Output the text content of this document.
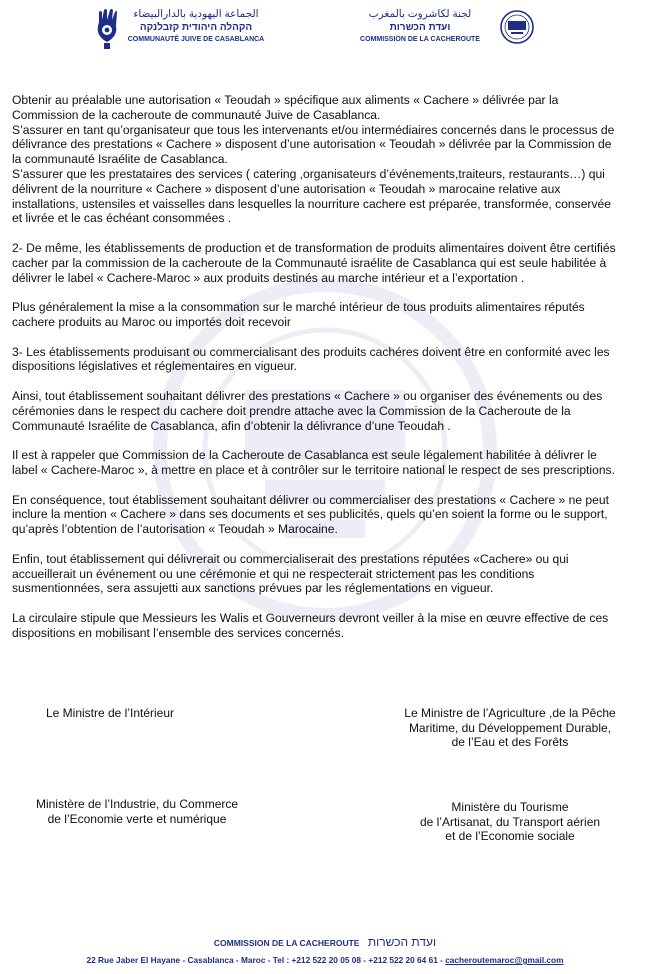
الجماعة اليهودية بالدارالبيضاء
הקהלה היהודית קזבלנקה
COMMUNAUTÉ JUIVE DE CASABLANCA
لجنة لكاشروت بالمغرب
ועדת הכשרות
COMMISSION DE LA CACHEROUTE

Obtenir au préalable une autorisation « Teoudah » spécifique aux aliments « Cachere » délivrée par la Commission de la cacheroute de communauté Juive de Casablanca.
S’assurer en tant qu’organisateur que tous les intervenants et/ou intermédiaires concernés dans le processus de délivrance des prestations « Cachere » disposent d’une autorisation « Teoudah » délivrée par la Commission de la communauté Israélite de Casablanca.
S’assurer que les prestataires des services ( catering ,organisateurs d’événements,traiteurs, restaurants…) qui délivrent de la nourriture « Cachere » disposent d’une autorisation « Teoudah » marocaine relative aux installations, ustensiles et vaisselles dans lesquelles la nourriture cachere est préparée, transformée, conservée et livrée et le cas échéant consommées .

2- De même, les établissements de production et de transformation de produits alimentaires doivent être certifiés cacher par la commission de la cacheroute de la Communauté israélite de Casablanca qui est seule habilitée à délivrer le label « Cachere-Maroc » aux produits destinés au marche intérieur et a l’exportation .

Plus généralement la mise a la consommation sur le marché intérieur de tous produits alimentaires réputés cachere produits au Maroc ou importés doit recevoir

3- Les établissements produisant ou commercialisant des produits cachéres doivent être en conformité avec les dispositions législatives et réglementaires en vigueur.

Ainsi, tout établissement souhaitant délivrer des prestations « Cachere » ou organiser des événements ou des cérémonies dans le respect du cachere doit prendre attache avec la Commission de la Cacheroute de la Communauté Israélite de Casablanca, afin d’obtenir la délivrance d’une Teoudah .

Il est à rappeler que Commission de la Cacheroute de Casablanca est seule légalement habilitée à délivrer le label « Cachere-Maroc », à mettre en place et à contrôler sur le territoire national le respect de ses prescriptions.

En conséquence, tout établissement souhaitant délivrer ou commercialiser des prestations « Cachere » ne peut inclure la mention « Cachere » dans ses documents et ses publicités, quels qu’en soient la forme ou le support, qu’après l’obtention de l’autorisation « Teoudah » Marocaine.

Enfin, tout établissement qui délivrerait ou commercialiserait des prestations réputées «Cachere» ou qui accueillerait un événement ou une cérémonie et qui ne respecterait strictement pas les conditions susmentionnées, sera assujetti aux sanctions prévues par les réglementations en vigueur.

La circulaire stipule que Messieurs les Walis et Gouverneurs devront veiller à la mise en œuvre effective de ces dispositions en mobilisant l’ensemble des services concernés.

Le Ministre de l’Intérieur	Le Ministre de l’Agriculture ,de la Pêche
Maritime, du Développement Durable,
de l’Eau et des Forêts
Ministère de l’Industrie, du Commerce
de l’Economie verte et numérique
Ministère du Tourisme
de l’Artisanat, du Transport aérien
et de l’Economie sociale
COMMISSION DE LA CACHEROUTE ועדת הכשרות
22 Rue Jaber El Hayane - Casablanca - Maroc - Tel : +212 522 20 05 08 - +212 522 20 64 61 - cacheroutemaroc@gmail.com
